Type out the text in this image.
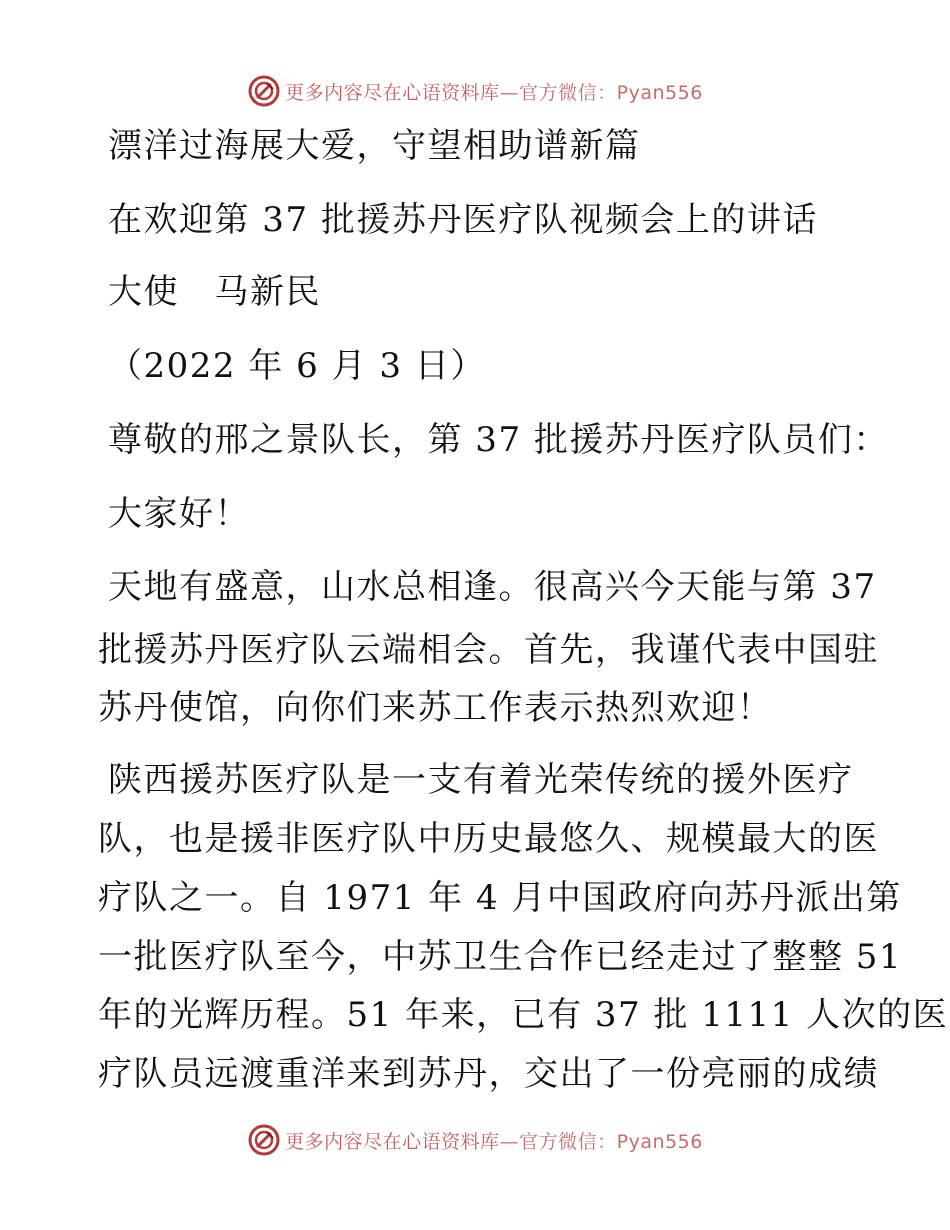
更多内容尽在心语资料库—官方微信：Pyan556
漂洋过海展大爱，守望相助谱新篇
在欢迎第 37 批援苏丹医疗队视频会上的讲话
大使　马新民
（2022 年 6 月 3 日）
尊敬的邢之景队长，第 37 批援苏丹医疗队员们：
大家好！
天地有盛意，山水总相逢。很高兴今天能与第 37
批援苏丹医疗队云端相会。首先，我谨代表中国驻
苏丹使馆，向你们来苏工作表示热烈欢迎！
陕西援苏医疗队是一支有着光荣传统的援外医疗
队，也是援非医疗队中历史最悠久、规模最大的医
疗队之一。自 1971 年 4 月中国政府向苏丹派出第
一批医疗队至今，中苏卫生合作已经走过了整整 51
年的光辉历程。51 年来，已有 37 批 1111 人次的医
疗队员远渡重洋来到苏丹，交出了一份亮丽的成绩
更多内容尽在心语资料库—官方微信：Pyan556
